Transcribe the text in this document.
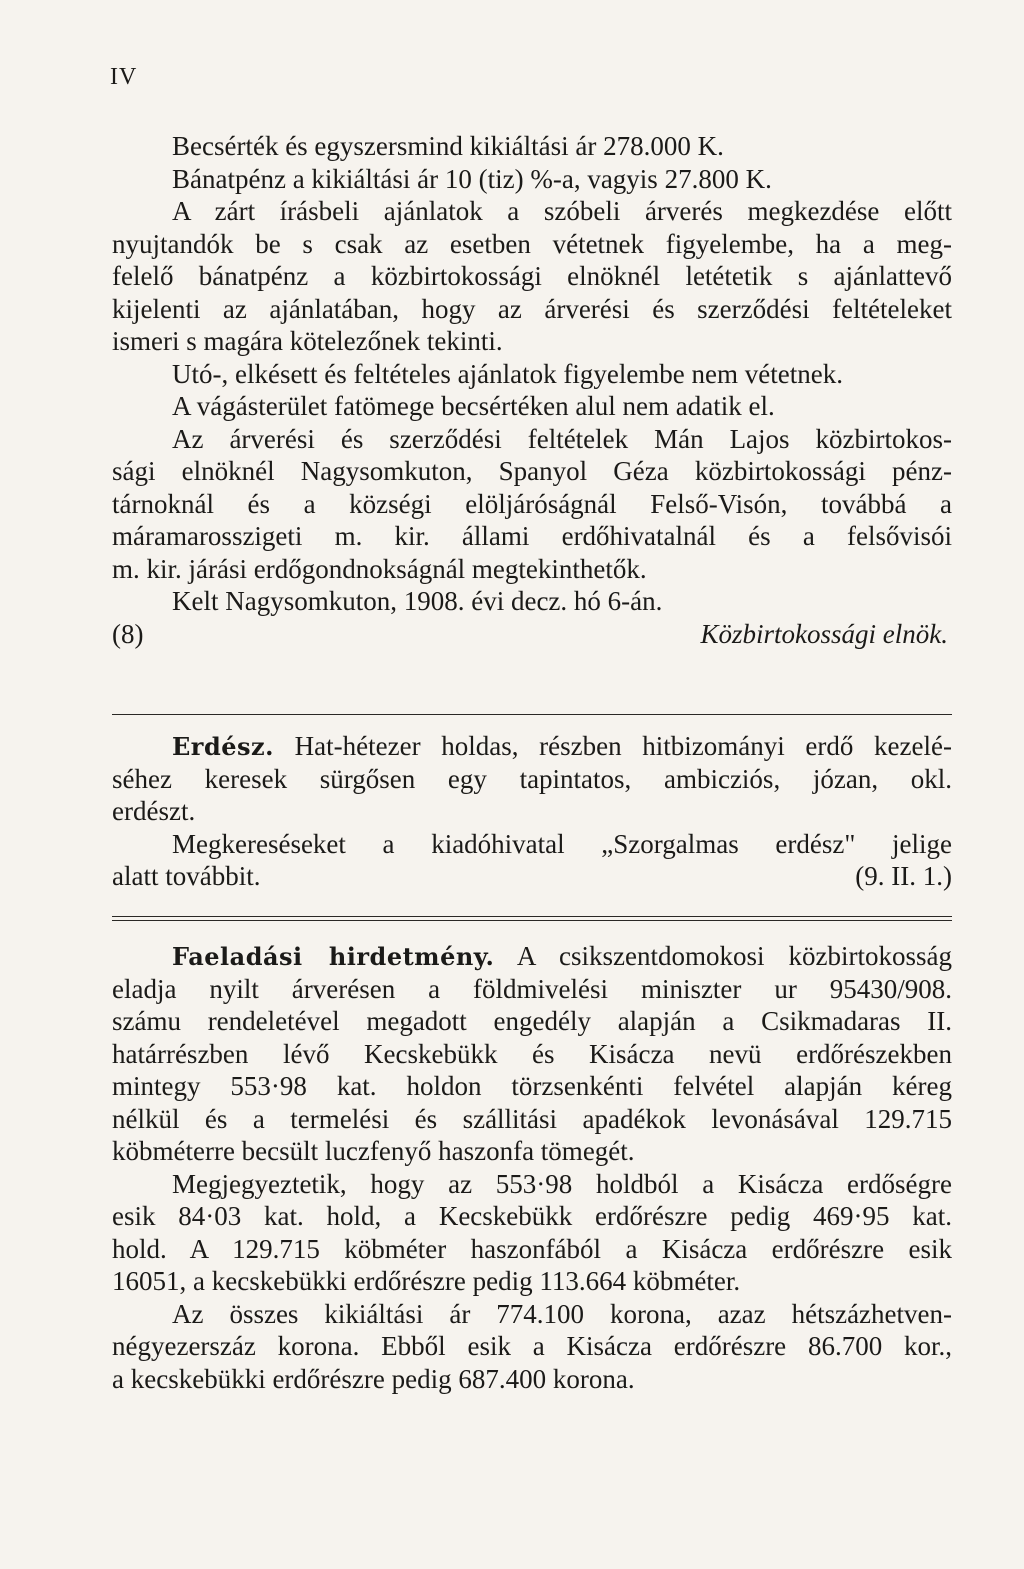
IV
Becsérték és egyszersmind kikiáltási ár 278.000 K.
Bánatpénz a kikiáltási ár 10 (tiz) %-a, vagyis 27.800 K.
A zárt írásbeli ajánlatok a szóbeli árverés megkezdése előtt
nyujtandók be s csak az esetben vétetnek figyelembe, ha a meg-
felelő bánatpénz a közbirtokossági elnöknél letétetik s ajánlattevő
kijelenti az ajánlatában, hogy az árverési és szerződési feltételeket
ismeri s magára kötelezőnek tekinti.
Utó-, elkésett és feltételes ajánlatok figyelembe nem vétetnek.
A vágásterület fatömege becsértéken alul nem adatik el.
Az árverési és szerződési feltételek Mán Lajos közbirtokos-
sági elnöknél Nagysomkuton, Spanyol Géza közbirtokossági pénz-
tárnoknál és a községi elöljáróságnál Felső-Visón, továbbá a
máramarosszigeti m. kir. állami erdőhivatalnál és a felsővisói
m. kir. járási erdőgondnokságnál megtekinthetők.
Kelt Nagysomkuton, 1908. évi decz. hó 6-án.
(8)	Közbirtokossági elnök.
Erdész. Hat-hétezer holdas, részben hitbizományi erdő kezelé-
séhez keresek sürgősen egy tapintatos, ambicziós, józan, okl.
erdészt.
Megkereséseket a kiadóhivatal „Szorgalmas erdész" jelige
alatt továbbit.	(9. II. 1.)
Faeladási hirdetmény. A csikszentdomokosi közbirtokosság
eladja nyilt árverésen a földmivelési miniszter ur 95430/908.
számu rendeletével megadott engedély alapján a Csikmadaras II.
határrészben lévő Kecskebükk és Kisácza nevü erdőrészekben
mintegy 553·98 kat. holdon törzsenkénti felvétel alapján kéreg
nélkül és a termelési és szállitási apadékok levonásával 129.715
köbméterre becsült luczfenyő haszonfa tömegét.
Megjegyeztetik, hogy az 553·98 holdból a Kisácza erdőségre
esik 84·03 kat. hold, a Kecskebükk erdőrészre pedig 469·95 kat.
hold. A 129.715 köbméter haszonfából a Kisácza erdőrészre esik
16051, a kecskebükki erdőrészre pedig 113.664 köbméter.
Az összes kikiáltási ár 774.100 korona, azaz hétszázhetven-
négyezerszáz korona. Ebből esik a Kisácza erdőrészre 86.700 kor.,
a kecskebükki erdőrészre pedig 687.400 korona.
